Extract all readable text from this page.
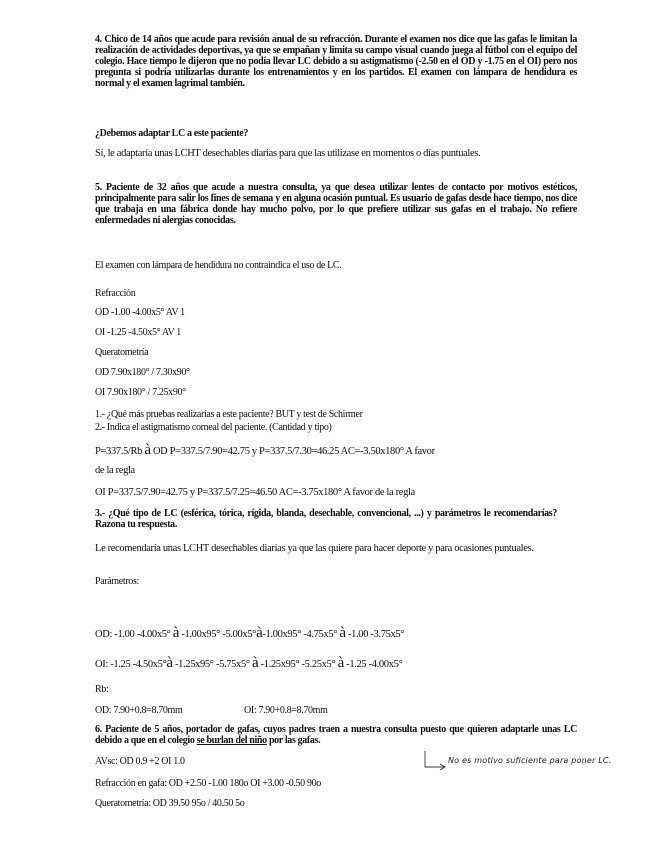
4. Chico de 14 años que acude para revisión anual de su refracción. Durante el examen nos dice que las gafas le limitan la realización de actividades deportivas, ya que se empañan y limita su campo visual cuando juega al fútbol con el equipo del colegio. Hace tiempo le dijeron que no podía llevar LC debido a su astigmatismo (-2.50 en el OD y -1.75 en el OI) pero nos pregunta si podría utilizarlas durante los entrenamientos y en los partidos. El examen con lámpara de hendidura es normal y el examen lagrimal también.
¿Debemos adaptar LC a este paciente?
Sí, le adaptaría unas LCHT desechables diarias para que las utilizase en momentos o días puntuales.
5. Paciente de 32 años que acude a nuestra consulta, ya que desea utilizar lentes de contacto por motivos estéticos, principalmente para salir los fines de semana y en alguna ocasión puntual. Es usuario de gafas desde hace tiempo, nos dice que trabaja en una fábrica donde hay mucho polvo, por lo que prefiere utilizar sus gafas en el trabajo. No refiere enfermedades ni alergias conocidas.
El examen con lámpara de hendidura no contraindica el uso de LC.
Refracción
OD -1.00 -4.00x5° AV 1
OI -1.25 -4.50x5° AV 1
Queratometría
OD 7.90x180° / 7.30x90°
OI 7.90x180° / 7.25x90°
1.- ¿Qué más pruebas realizarías a este paciente? BUT y test de Schirmer
2.- Indica el astigmatismo corneal del paciente. (Cantidad y tipo)
P=337.5/Rb à OD P=337.5/7.90=42.75 y P=337.5/7.30=46.25 AC=-3.50x180° A favor
de la regla
OI P=337.5/7.90=42.75 y P=337.5/7.25=46.50 AC=-3.75x180° A favor de la regla
3.- ¿Qué tipo de LC (esférica, tórica, rígida, blanda, desechable, convencional, ...) y parámetros le recomendarías? Razona tu respuesta.
Le recomendaría unas LCHT desechables diarias ya que las quiere para hacer deporte y para ocasiones puntuales.
Parámetros:
OD: -1.00 -4.00x5° à -1.00x95° -5.00x5°à-1.00x95° -4.75x5° à -1.00 -3.75x5°
OI: -1.25 -4.50x5°à -1.25x95° -5.75x5° à -1.25x95° -5.25x5° à -1.25 -4.00x5°
Rb:
OD: 7.90+0.8=8.70mm	OI: 7.90+0.8=8.70mm
6. Paciente de 5 años, portador de gafas, cuyos padres traen a nuestra consulta puesto que quieren adaptarle unas LC debido a que en el colegio se burlan del niño por las gafas.
AVsc: OD 0.9 +2 OI 1.0
Refracción en gafa: OD +2.50 -1.00 180o OI +3.00 -0.50 90o
Queratometría: OD 39.50 95o / 40.50 5o
No es motivo suficiente para poner LC.
